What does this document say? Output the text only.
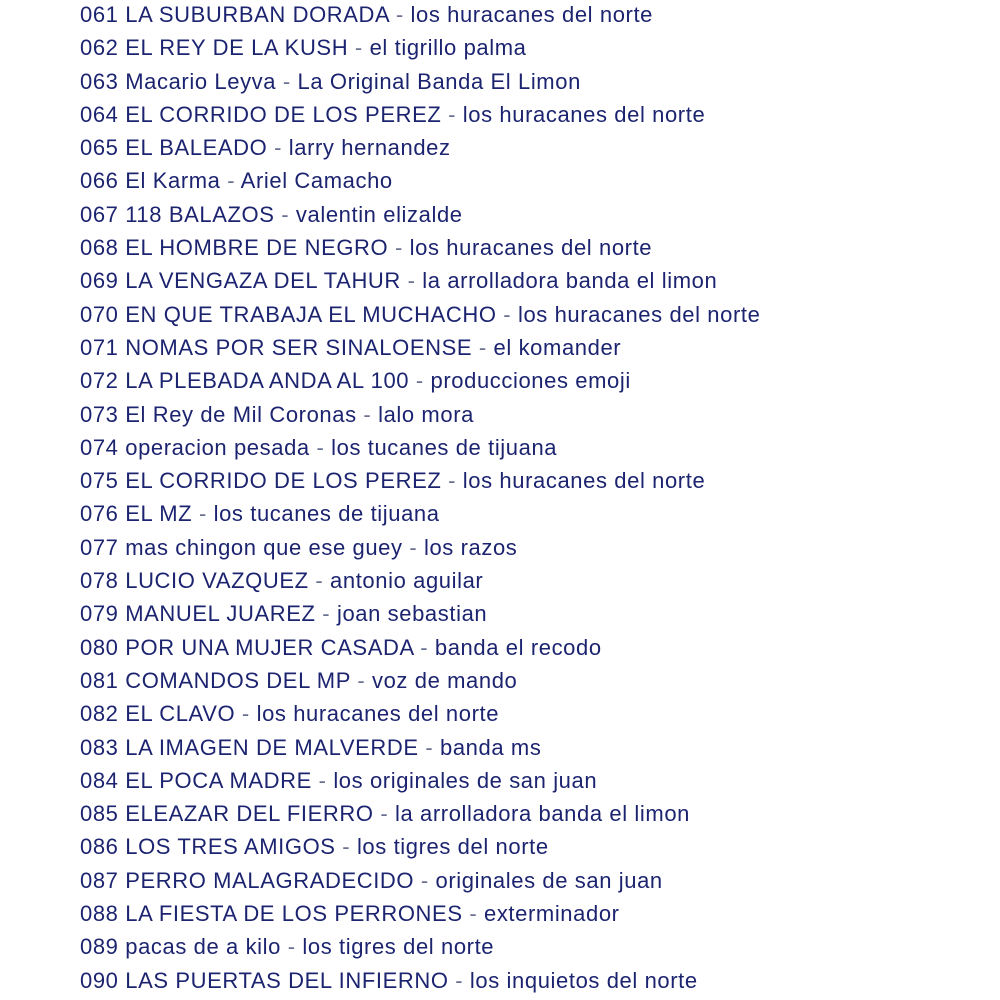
061 LA SUBURBAN DORADA - los huracanes del norte
062 EL REY DE LA KUSH - el tigrillo palma
063 Macario Leyva - La Original Banda El Limon
064 EL CORRIDO DE LOS PEREZ - los huracanes del norte
065 EL BALEADO - larry hernandez
066 El Karma - Ariel Camacho
067 118 BALAZOS - valentin elizalde
068 EL HOMBRE DE NEGRO - los huracanes del norte
069 LA VENGAZA DEL TAHUR - la arrolladora banda el limon
070 EN QUE TRABAJA EL MUCHACHO - los huracanes del norte
071 NOMAS POR SER SINALOENSE - el komander
072 LA PLEBADA ANDA AL 100 - producciones emoji
073 El Rey de Mil Coronas - lalo mora
074 operacion pesada - los tucanes de tijuana
075 EL CORRIDO DE LOS PEREZ - los huracanes del norte
076 EL MZ - los tucanes de tijuana
077 mas chingon que ese guey - los razos
078 LUCIO VAZQUEZ - antonio aguilar
079 MANUEL JUAREZ - joan sebastian
080 POR UNA MUJER CASADA - banda el recodo
081 COMANDOS DEL MP - voz de mando
082 EL CLAVO - los huracanes del norte
083 LA IMAGEN DE MALVERDE - banda ms
084 EL POCA MADRE - los originales de san juan
085 ELEAZAR DEL FIERRO - la arrolladora banda el limon
086 LOS TRES AMIGOS - los tigres del norte
087 PERRO MALAGRADECIDO - originales de san juan
088 LA FIESTA DE LOS PERRONES - exterminador
089 pacas de a kilo - los tigres del norte
090 LAS PUERTAS DEL INFIERNO - los inquietos del norte
